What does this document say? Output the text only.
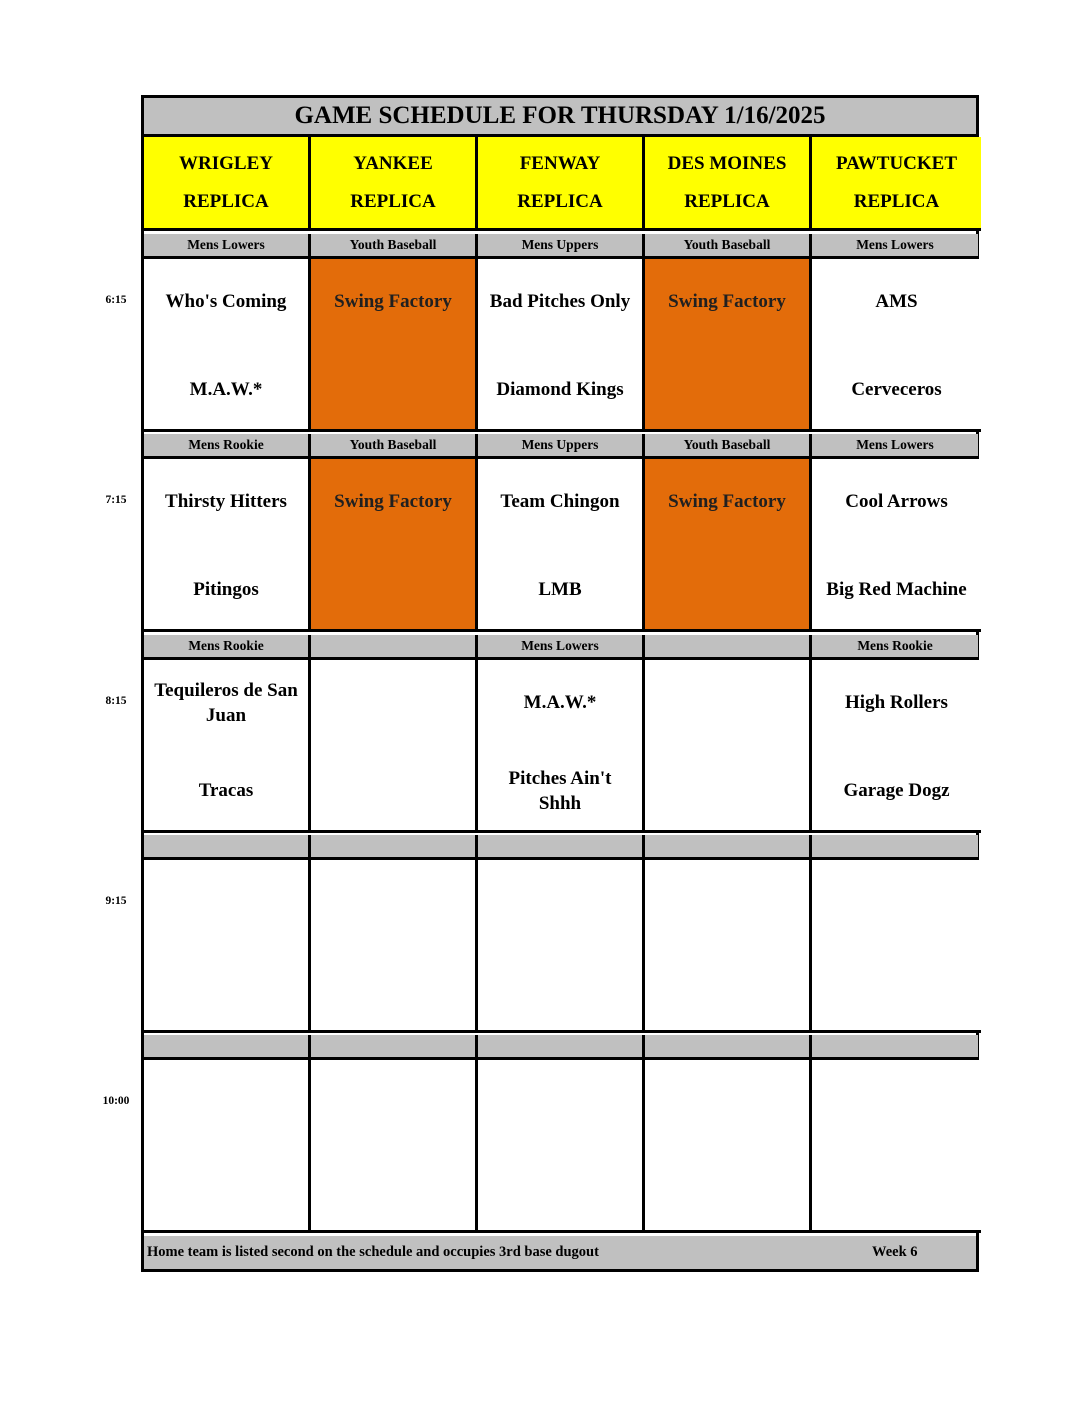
GAME SCHEDULE FOR THURSDAY 1/16/2025
Home team is listed second on the schedule and occupies 3rd base dugout	Week 6
WRIGLEY
REPLICA
YANKEE
REPLICA
FENWAY
REPLICA
DES MOINES
REPLICA
PAWTUCKET
REPLICA
Mens Lowers
Who's Coming
M.A.W.*
Youth Baseball
Swing Factory
Mens Uppers
Bad Pitches Only
Diamond Kings
Youth Baseball
Swing Factory
Mens Lowers
AMS
Cerveceros
Mens Rookie
Thirsty Hitters
Pitingos
Youth Baseball
Swing Factory
Mens Uppers
Team Chingon
LMB
Youth Baseball
Swing Factory
Mens Lowers
Cool Arrows
Big Red Machine
Mens Rookie
Tequileros de San Juan
Tracas
Mens Lowers
M.A.W.*
Pitches Ain't Shhh
Mens Rookie
High Rollers
Garage Dogz
6:15
7:15
8:15
9:15
10:00
